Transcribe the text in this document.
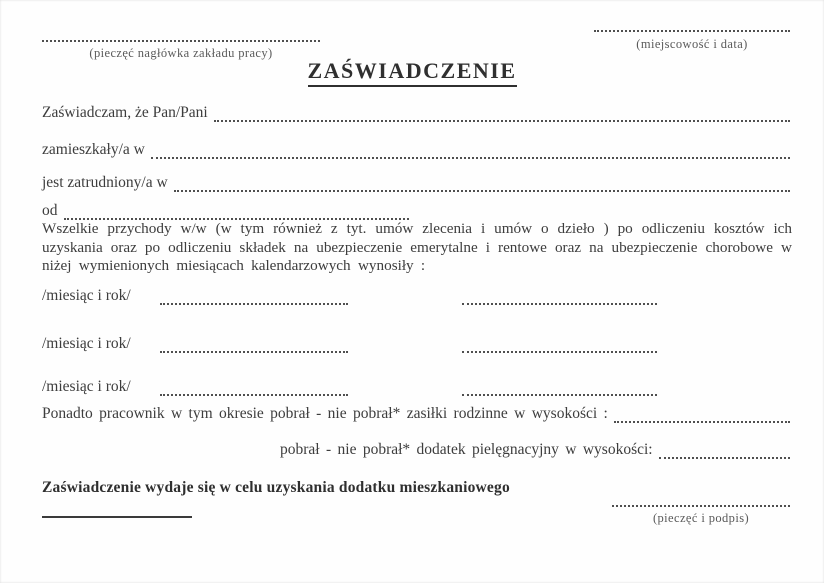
(pieczęć nagłówka zakładu pracy)
(miejscowość i data)
ZAŚWIADCZENIE
Zaświadczam, że Pan/Pani
zamieszkały/a w
jest zatrudniony/a w
od
Wszelkie przychody w/w (w tym również z tyt. umów zlecenia i umów o dzieło ) po odliczeniu kosztów ich uzyskania oraz po odliczeniu składek na ubezpieczenie emerytalne i rentowe oraz na ubezpieczenie chorobowe w niżej wymienionych miesiącach kalendarzowych wynosiły :
/miesiąc i rok/
/miesiąc i rok/
/miesiąc i rok/
Ponadto pracownik w tym okresie pobrał - nie pobrał* zasiłki rodzinne w wysokości :
pobrał - nie pobrał* dodatek pielęgnacyjny w wysokości:
Zaświadczenie wydaje się w celu uzyskania dodatku mieszkaniowego
(pieczęć i podpis)
